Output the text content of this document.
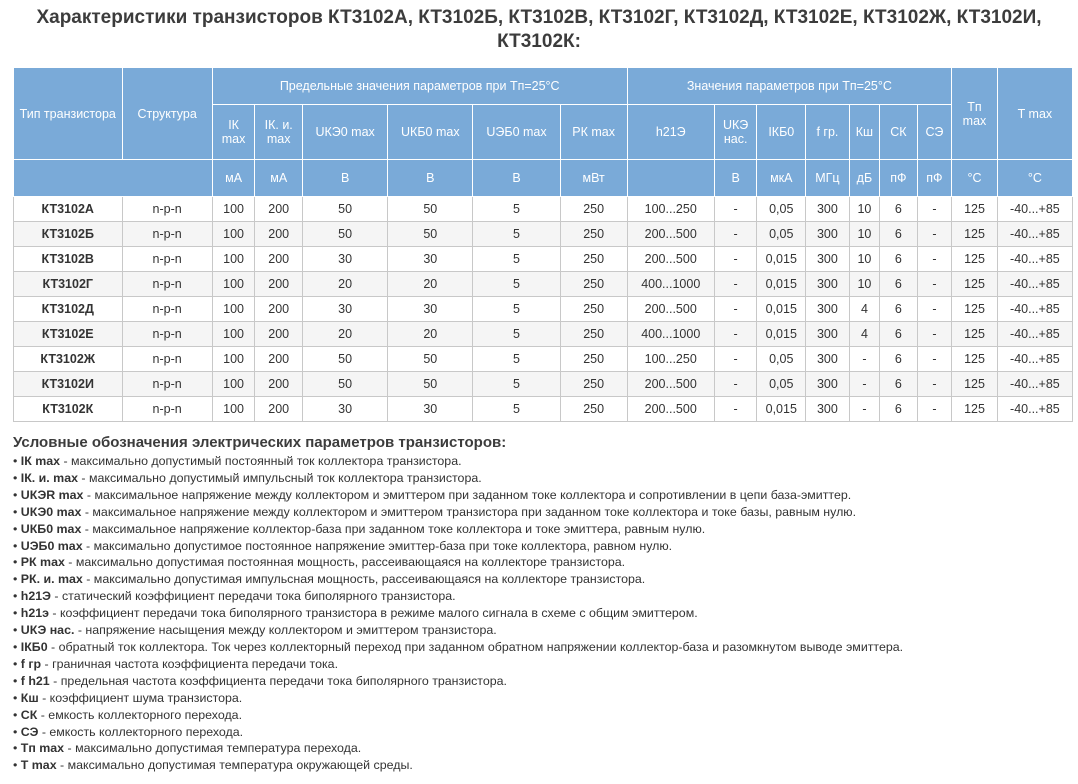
Характеристики транзисторов КТ3102А, КТ3102Б, КТ3102В, КТ3102Г, КТ3102Д, КТ3102Е, КТ3102Ж, КТ3102И, КТ3102К:
Тип транзистора	Структура	Предельные значения параметров при Tп=25°С						Значения параметров при Tп=25°С							Tп max	T max
		IК max	IК. и. max	UКЭ0 max	UКБ0 max	UЭБ0 max	PК max	h21Э	UКЭ нас.	IКБ0	f гр.	Кш	СК	СЭ		
		мА	мА	В	В	В	мВт		В	мкА	МГц	дБ	пФ	пФ	°С	°С
КТ3102А	n-p-n	100	200	50	50	5	250	100...250	-	0,05	300	10	6	-	125	-40...+85
КТ3102Б	n-p-n	100	200	50	50	5	250	200...500	-	0,05	300	10	6	-	125	-40...+85
КТ3102В	n-p-n	100	200	30	30	5	250	200...500	-	0,015	300	10	6	-	125	-40...+85
КТ3102Г	n-p-n	100	200	20	20	5	250	400...1000	-	0,015	300	10	6	-	125	-40...+85
КТ3102Д	n-p-n	100	200	30	30	5	250	200...500	-	0,015	300	4	6	-	125	-40...+85
КТ3102Е	n-p-n	100	200	20	20	5	250	400...1000	-	0,015	300	4	6	-	125	-40...+85
КТ3102Ж	n-p-n	100	200	50	50	5	250	100...250	-	0,05	300	-	6	-	125	-40...+85
КТ3102И	n-p-n	100	200	50	50	5	250	200...500	-	0,05	300	-	6	-	125	-40...+85
КТ3102К	n-p-n	100	200	30	30	5	250	200...500	-	0,015	300	-	6	-	125	-40...+85
Условные обозначения электрических параметров транзисторов:
• IК max - максимально допустимый постоянный ток коллектора транзистора.
• IК. и. max - максимально допустимый импульсный ток коллектора транзистора.
• UКЭR max - максимальное напряжение между коллектором и эмиттером при заданном токе коллектора и сопротивлении в цепи база-эмиттер.
• UКЭ0 max - максимальное напряжение между коллектором и эмиттером транзистора при заданном токе коллектора и токе базы, равным нулю.
• UКБ0 max - максимальное напряжение коллектор-база при заданном токе коллектора и токе эмиттера, равным нулю.
• UЭБ0 max - максимально допустимое постоянное напряжение эмиттер-база при токе коллектора, равном нулю.
• PК max - максимально допустимая постоянная мощность, рассеивающаяся на коллекторе транзистора.
• PК. и. max - максимально допустимая импульсная мощность, рассеивающаяся на коллекторе транзистора.
• h21Э - статический коэффициент передачи тока биполярного транзистора.
• h21э - коэффициент передачи тока биполярного транзистора в режиме малого сигнала в схеме с общим эмиттером.
• UКЭ нас. - напряжение насыщения между коллектором и эмиттером транзистора.
• IКБ0 - обратный ток коллектора. Ток через коллекторный переход при заданном обратном напряжении коллектор-база и разомкнутом выводе эмиттера.
• f гр - граничная частота коэффициента передачи тока.
• f h21 - предельная частота коэффициента передачи тока биполярного транзистора.
• Кш - коэффициент шума транзистора.
• СК - емкость коллекторного перехода.
• СЭ - емкость коллекторного перехода.
• Tп max - максимально допустимая температура перехода.
• T max - максимально допустимая температура окружающей среды.
